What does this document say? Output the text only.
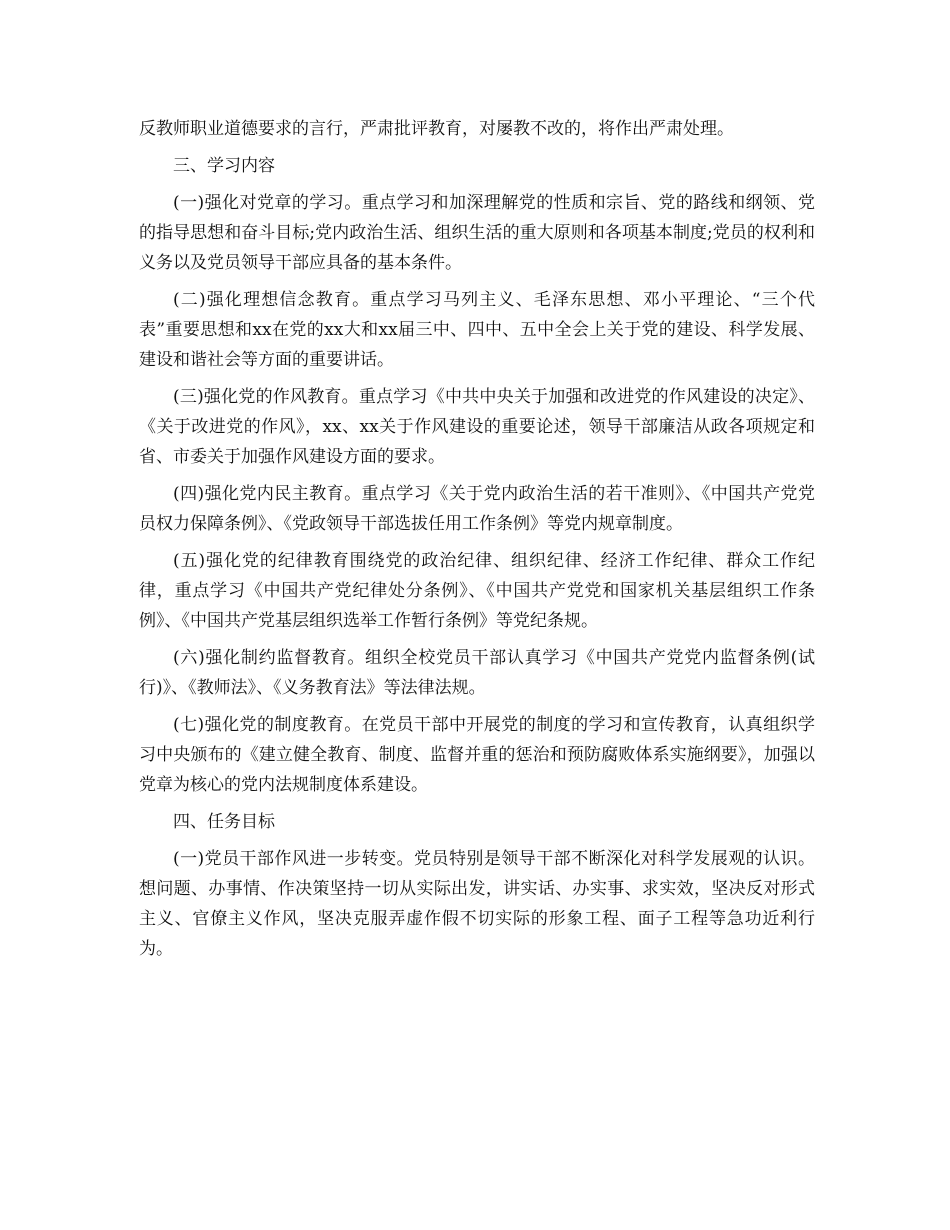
反教师职业道德要求的言行，严肃批评教育，对屡教不改的，将作出严肃处理。

三、学习内容

(一)强化对党章的学习。重点学习和加深理解党的性质和宗旨、党的路线和纲领、党的指导思想和奋斗目标;党内政治生活、组织生活的重大原则和各项基本制度;党员的权利和义务以及党员领导干部应具备的基本条件。

(二)强化理想信念教育。重点学习马列主义、毛泽东思想、邓小平理论、“三个代表”重要思想和xx在党的xx大和xx届三中、四中、五中全会上关于党的建设、科学发展、建设和谐社会等方面的重要讲话。

(三)强化党的作风教育。重点学习《中共中央关于加强和改进党的作风建设的决定》、《关于改进党的作风》，xx、xx关于作风建设的重要论述，领导干部廉洁从政各项规定和省、市委关于加强作风建设方面的要求。

(四)强化党内民主教育。重点学习《关于党内政治生活的若干准则》、《中国共产党党员权力保障条例》、《党政领导干部选拔任用工作条例》等党内规章制度。

(五)强化党的纪律教育围绕党的政治纪律、组织纪律、经济工作纪律、群众工作纪律，重点学习《中国共产党纪律处分条例》、《中国共产党党和国家机关基层组织工作条例》、《中国共产党基层组织选举工作暂行条例》等党纪条规。

(六)强化制约监督教育。组织全校党员干部认真学习《中国共产党党内监督条例(试行)》、《教师法》、《义务教育法》等法律法规。

(七)强化党的制度教育。在党员干部中开展党的制度的学习和宣传教育，认真组织学习中央颁布的《建立健全教育、制度、监督并重的惩治和预防腐败体系实施纲要》，加强以党章为核心的党内法规制度体系建设。

四、任务目标

(一)党员干部作风进一步转变。党员特别是领导干部不断深化对科学发展观的认识。想问题、办事情、作决策坚持一切从实际出发，讲实话、办实事、求实效，坚决反对形式主义、官僚主义作风，坚决克服弄虚作假不切实际的形象工程、面子工程等急功近利行为。
